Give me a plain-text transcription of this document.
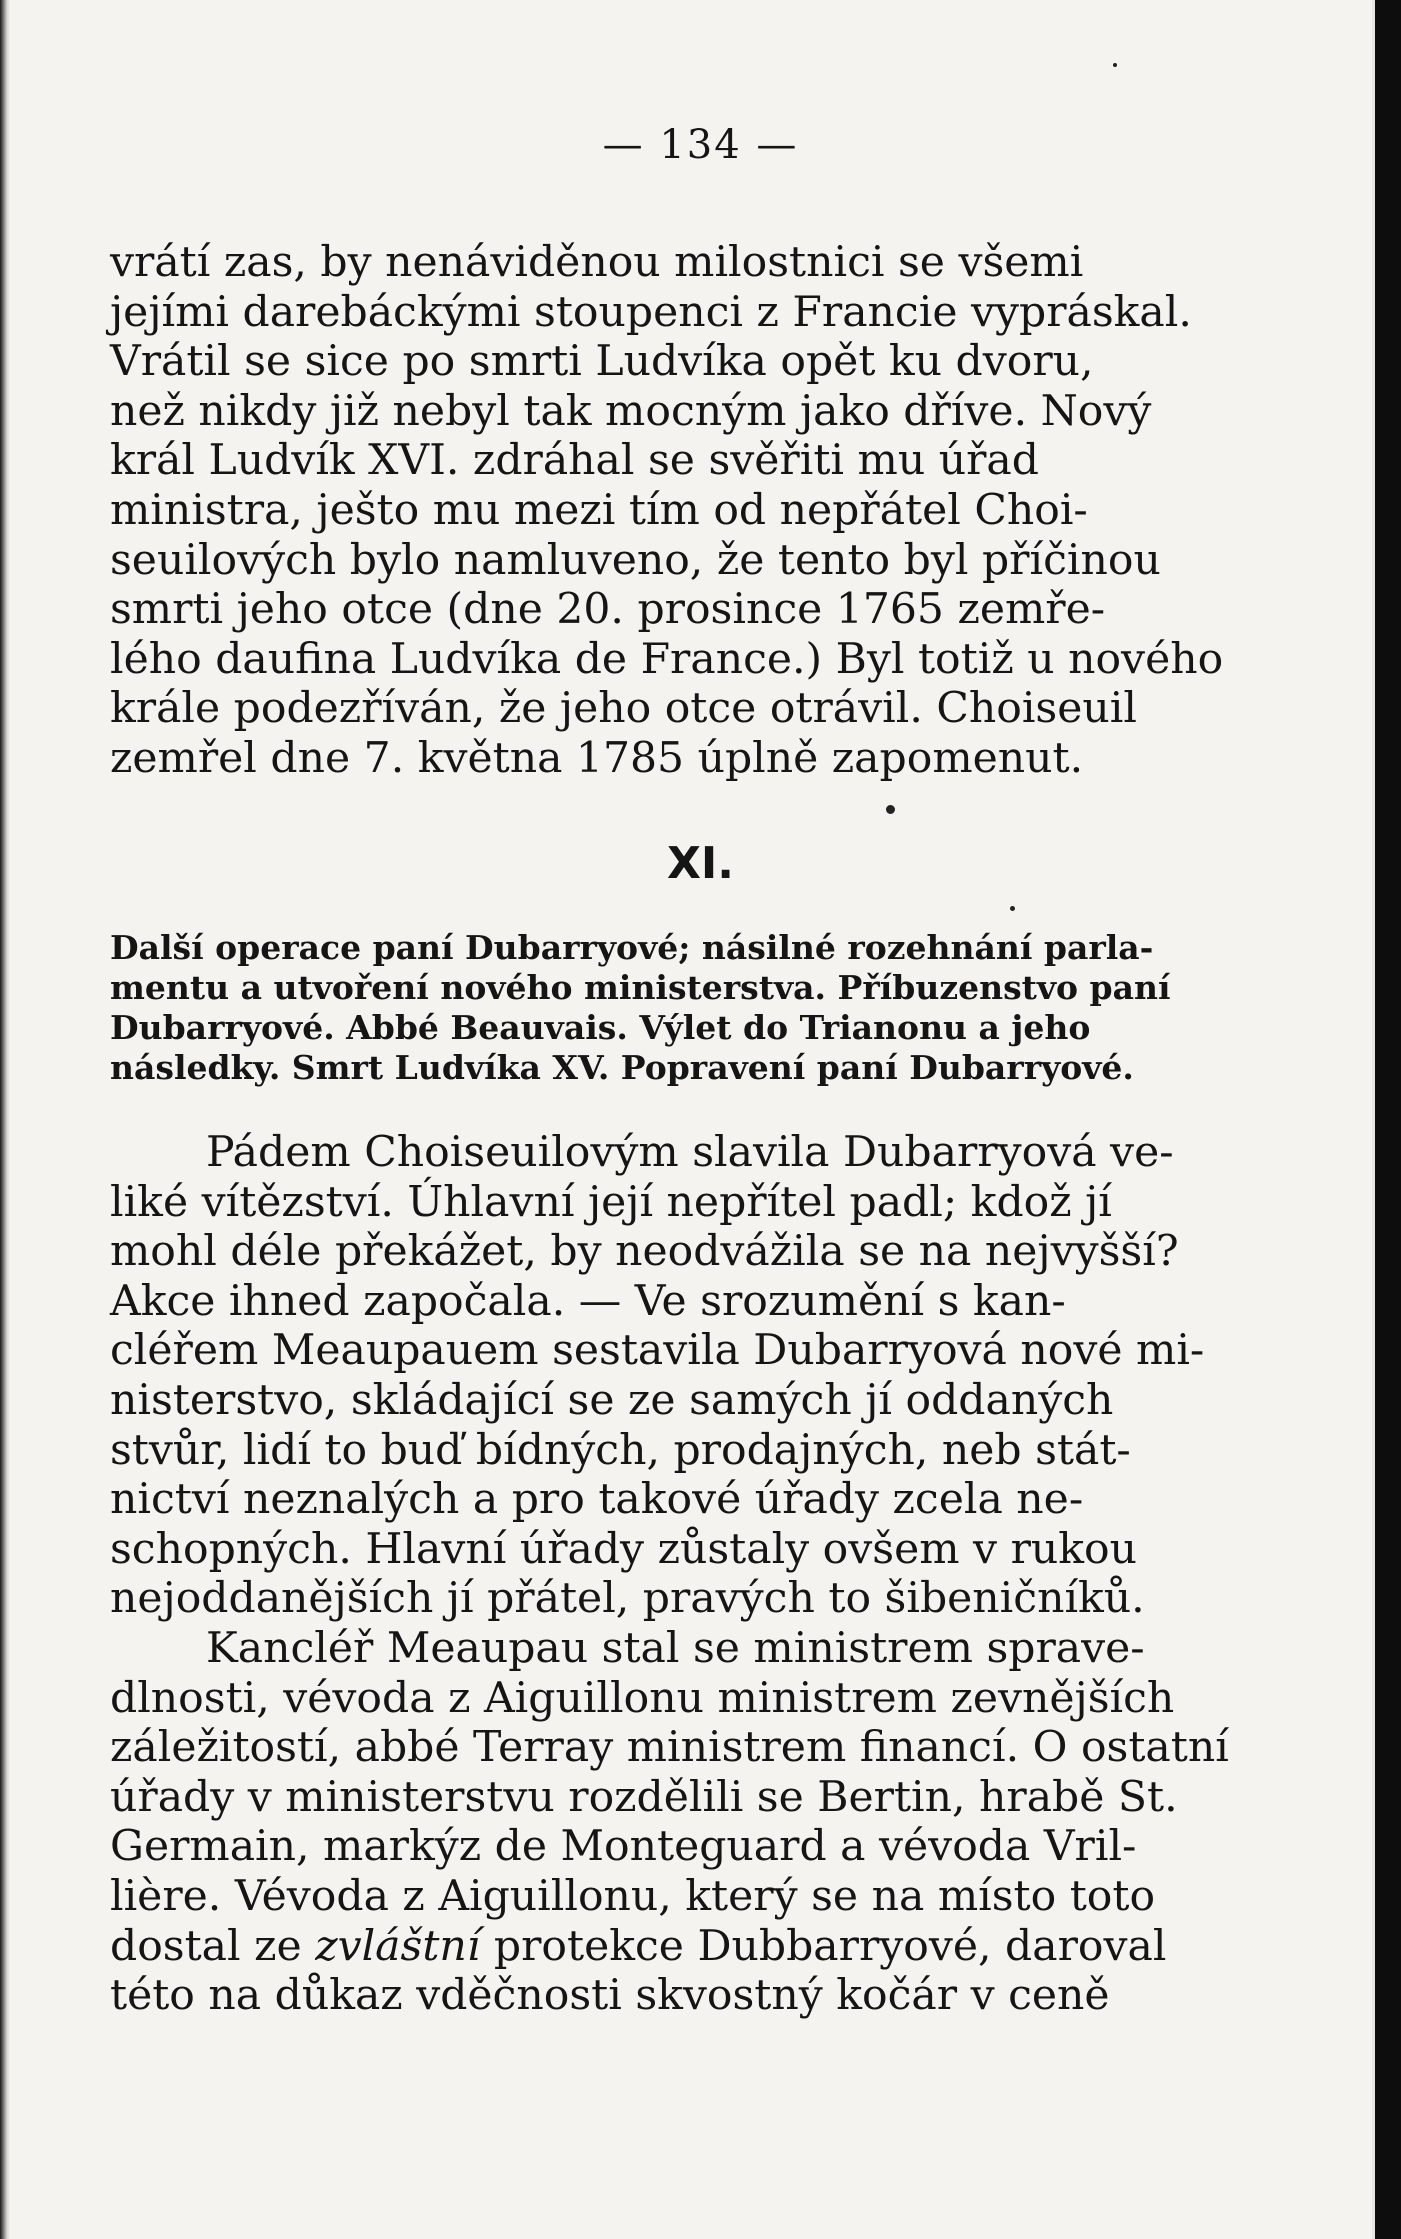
— 134 —
vrátí zas, by nenáviděnou milostnici se všemi
jejími darebáckými stoupenci z Francie vypráskal.
Vrátil se sice po smrti Ludvíka opět ku dvoru,
než nikdy již nebyl tak mocným jako dříve. Nový
král Ludvík XVI. zdráhal se svěřiti mu úřad
ministra, ješto mu mezi tím od nepřátel Choi-
seuilových bylo namluveno, že tento byl příčinou
smrti jeho otce (dne 20. prosince 1765 zemře-
lého daufina Ludvíka de France.) Byl totiž u nového
krále podezříván, že jeho otce otrávil. Choiseuil
zemřel dne 7. května 1785 úplně zapomenut.
XI.
Další operace paní Dubarryové; násilné rozehnání parla-
mentu a utvoření nového ministerstva. Příbuzenstvo paní
Dubarryové. Abbé Beauvais. Výlet do Trianonu a jeho
následky. Smrt Ludvíka XV. Popravení paní Dubarryové.
Pádem Choiseuilovým slavila Dubarryová ve-
liké vítězství. Úhlavní její nepřítel padl; kdož jí
mohl déle překážet, by neodvážila se na nejvyšší?
Akce ihned započala. — Ve srozumění s kan-
cléřem Meaupauem sestavila Dubarryová nové mi-
nisterstvo, skládající se ze samých jí oddaných
stvůr, lidí to buď bídných, prodajných, neb stát-
nictví neznalých a pro takové úřady zcela ne-
schopných. Hlavní úřady zůstaly ovšem v rukou
nejoddanějších jí přátel, pravých to šibeničníků.
Kancléř Meaupau stal se ministrem sprave-
dlnosti, vévoda z Aiguillonu ministrem zevnějších
záležitostí, abbé Terray ministrem financí. O ostatní
úřady v ministerstvu rozdělili se Bertin, hrabě St.
Germain, markýz de Monteguard a vévoda Vril-
lière. Vévoda z Aiguillonu, který se na místo toto
dostal ze zvláštní protekce Dubbarryové, daroval
této na důkaz vděčnosti skvostný kočár v ceně
